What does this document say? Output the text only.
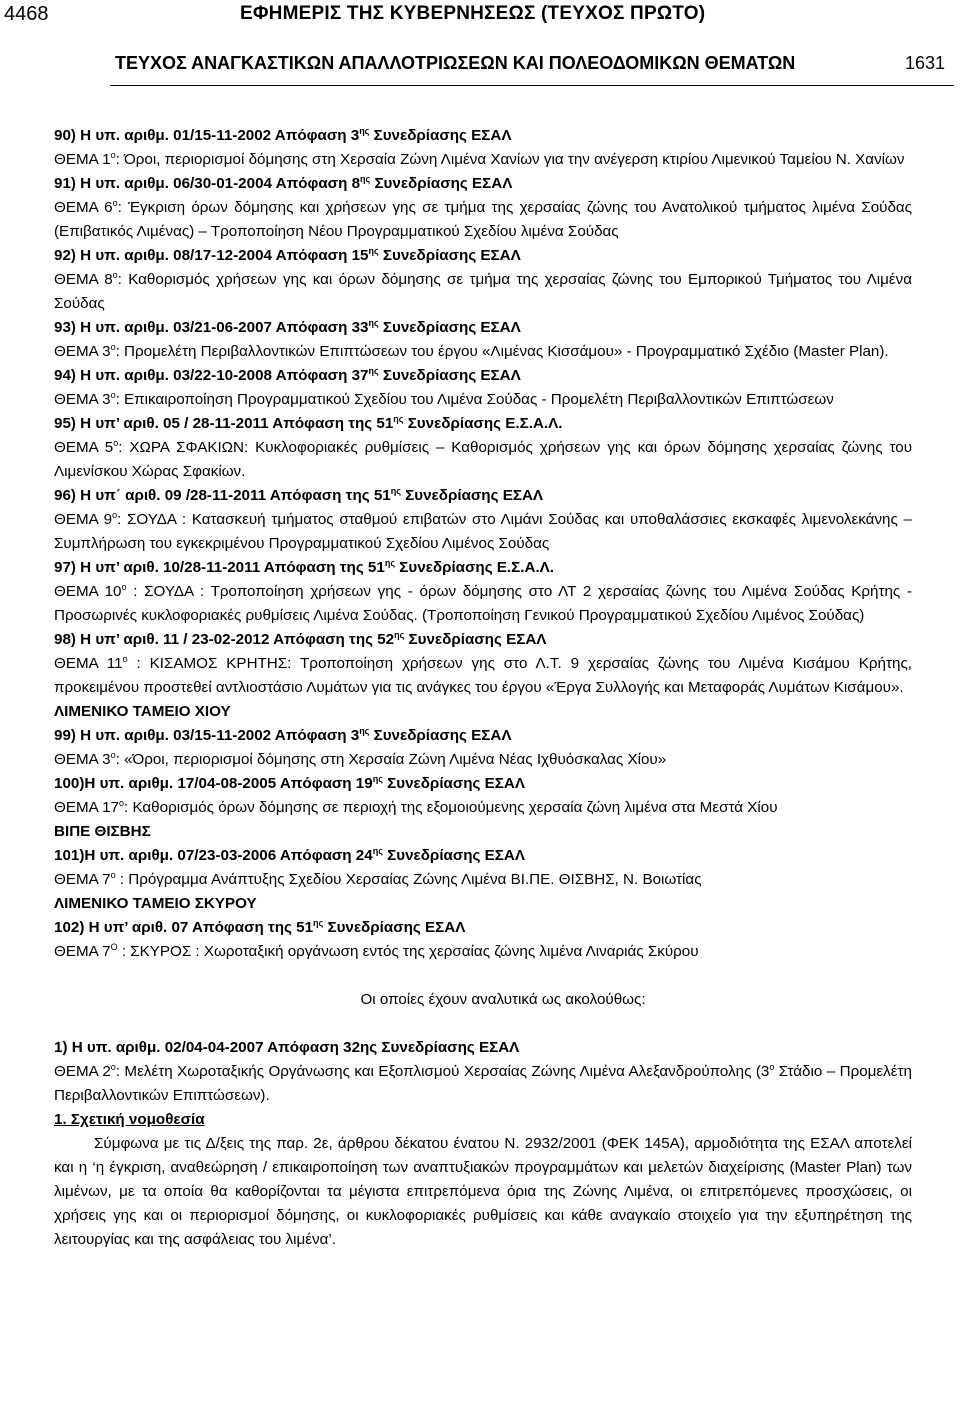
4468	ΕΦΗΜΕΡΙΣ ΤΗΣ ΚΥΒΕΡΝΗΣΕΩΣ (ΤΕΥΧΟΣ ΠΡΩΤΟ)
ΤΕΥΧΟΣ ΑΝΑΓΚΑΣΤΙΚΩΝ ΑΠΑΛΛΟΤΡΙΩΣΕΩΝ ΚΑΙ ΠΟΛΕΟΔΟΜΙΚΩΝ ΘΕΜΑΤΩΝ	1631

90) Η υπ. αριθμ. 01/15-11-2002 Απόφαση $3^{\eta\varsigma}$ Συνεδρίασης ΕΣΑΛ

ΘΕΜΑ $1^o$: Όροι, περιορισμοί δόμησης στη Χερσαία Ζώνη Λιμένα Χανίων για την ανέγερση κτιρίου Λιμενικού Ταμείου Ν. Χανίων

91) Η υπ. αριθμ. 06/30-01-2004 Απόφαση $8^{\eta\varsigma}$ Συνεδρίασης ΕΣΑΛ

ΘΕΜΑ $6^o$: Έγκριση όρων δόμησης και χρήσεων γης σε τμήμα της χερσαίας ζώνης του Ανατολικού τμήματος λιμένα Σούδας (Επιβατικός Λιμένας) – Τροποποίηση Νέου Προγραμματικού Σχεδίου λιμένα Σούδας

92) Η υπ. αριθμ. 08/17-12-2004 Απόφαση $15^{\eta\varsigma}$ Συνεδρίασης ΕΣΑΛ

ΘΕΜΑ $8^o$: Καθορισμός χρήσεων γης και όρων δόμησης σε τμήμα της χερσαίας ζώνης του Εμπορικού Τμήματος του Λιμένα Σούδας

93) Η υπ. αριθμ. 03/21-06-2007 Απόφαση $33^{\eta\varsigma}$ Συνεδρίασης ΕΣΑΛ

ΘΕΜΑ $3^o$: Προμελέτη Περιβαλλοντικών Επιπτώσεων του έργου «Λιμένας Κισσάμου» - Προγραμματικό Σχέδιο (Master Plan).

94) Η υπ. αριθμ. 03/22-10-2008 Απόφαση $37^{\eta\varsigma}$ Συνεδρίασης ΕΣΑΛ

ΘΕΜΑ $3^o$: Επικαιροποίηση Προγραμματικού Σχεδίου του Λιμένα Σούδας - Προμελέτη Περιβαλλοντικών Επιπτώσεων

95) Η υπ’ αριθ. 05 / 28-11-2011 Απόφαση της $51^{\eta\varsigma}$ Συνεδρίασης Ε.Σ.Α.Λ.

ΘΕΜΑ $5^o$: ΧΩΡΑ ΣΦΑΚΙΩΝ: Κυκλοφοριακές ρυθμίσεις – Καθορισμός χρήσεων γης και όρων δόμησης χερσαίας ζώνης του Λιμενίσκου Χώρας Σφακίων.

96) Η υπ΄ αριθ. 09 /28-11-2011 Απόφαση της $51^{\eta\varsigma}$ Συνεδρίασης ΕΣΑΛ

ΘΕΜΑ $9^o$: ΣΟΥΔΑ : Κατασκευή τμήματος σταθμού επιβατών στο Λιμάνι Σούδας και υποθαλάσσιες εκσκαφές λιμενολεκάνης – Συμπλήρωση του εγκεκριμένου Προγραμματικού Σχεδίου Λιμένος Σούδας

97) Η υπ’ αριθ. 10/28-11-2011 Απόφαση της $51^{\eta\varsigma}$ Συνεδρίασης Ε.Σ.Α.Λ.

ΘΕΜΑ $10^o$ : ΣΟΥΔΑ : Τροποποίηση χρήσεων γης - όρων δόμησης στο ΛΤ 2 χερσαίας ζώνης του Λιμένα Σούδας Κρήτης - Προσωρινές κυκλοφοριακές ρυθμίσεις Λιμένα Σούδας. (Τροποποίηση Γενικού Προγραμματικού Σχεδίου Λιμένος Σούδας)

98) Η υπ’ αριθ. 11 / 23-02-2012 Απόφαση της $52^{\eta\varsigma}$ Συνεδρίασης ΕΣΑΛ

ΘΕΜΑ $11^o$ : ΚΙΣΑΜΟΣ ΚΡΗΤΗΣ: Τροποποίηση χρήσεων γης στο Λ.Τ. 9 χερσαίας ζώνης του Λιμένα Κισάμου Κρήτης, προκειμένου προστεθεί αντλιοστάσιο Λυμάτων για τις ανάγκες του έργου «Έργα Συλλογής και Μεταφοράς Λυμάτων Κισάμου».

ΛΙΜΕΝΙΚΟ ΤΑΜΕΙΟ ΧΙΟΥ

99) Η υπ. αριθμ. 03/15-11-2002 Απόφαση $3^{\eta\varsigma}$ Συνεδρίασης ΕΣΑΛ

ΘΕΜΑ $3^o$: «Όροι, περιορισμοί δόμησης στη Χερσαία Ζώνη Λιμένα Νέας Ιχθυόσκαλας Χίου»

100)Η υπ. αριθμ. 17/04-08-2005 Απόφαση $19^{\eta\varsigma}$ Συνεδρίασης ΕΣΑΛ

ΘΕΜΑ $17^o$: Καθορισμός όρων δόμησης σε περιοχή της εξομοιούμενης χερσαία ζώνη λιμένα στα Μεστά Χίου

ΒΙΠΕ ΘΙΣΒΗΣ

101)Η υπ. αριθμ. 07/23-03-2006 Απόφαση $24^{\eta\varsigma}$ Συνεδρίασης ΕΣΑΛ

ΘΕΜΑ $7^o$ : Πρόγραμμα Ανάπτυξης Σχεδίου Χερσαίας Ζώνης Λιμένα ΒΙ.ΠΕ. ΘΙΣΒΗΣ, Ν. Βοιωτίας

ΛΙΜΕΝΙΚΟ ΤΑΜΕΙΟ ΣΚΥΡΟΥ

102) Η υπ’ αριθ. 07 Απόφαση της $51^{\eta\varsigma}$ Συνεδρίασης ΕΣΑΛ

ΘΕΜΑ $7^O$ : ΣΚΥΡΟΣ : Χωροταξική οργάνωση εντός της χερσαίας ζώνης λιμένα Λιναριάς Σκύρου

Οι οποίες έχουν αναλυτικά ως ακολούθως:

1) Η υπ. αριθμ. 02/04-04-2007 Απόφαση 32ης Συνεδρίασης ΕΣΑΛ

ΘΕΜΑ $2^o$: Μελέτη Χωροταξικής Οργάνωσης και Εξοπλισμού Χερσαίας Ζώνης Λιμένα Αλεξανδρούπολης ($3^o$ Στάδιο – Προμελέτη Περιβαλλοντικών Επιπτώσεων).

1. Σχετική νομοθεσία

Σύμφωνα με τις Δ/ξεις της παρ. 2ε, άρθρου δέκατου ένατου Ν. 2932/2001 (ΦΕΚ 145Α), αρμοδιότητα της ΕΣΑΛ αποτελεί και η ‘η έγκριση, αναθεώρηση / επικαιροποίηση των αναπτυξιακών προγραμμάτων και μελετών διαχείρισης (Master Plan) των λιμένων, με τα οποία θα καθορίζονται τα μέγιστα επιτρεπόμενα όρια της Ζώνης Λιμένα, οι επιτρεπόμενες προσχώσεις, οι χρήσεις γης και οι περιορισμοί δόμησης, οι κυκλοφοριακές ρυθμίσεις και κάθε αναγκαίο στοιχείο για την εξυπηρέτηση της λειτουργίας και της ασφάλειας του λιμένα’.
